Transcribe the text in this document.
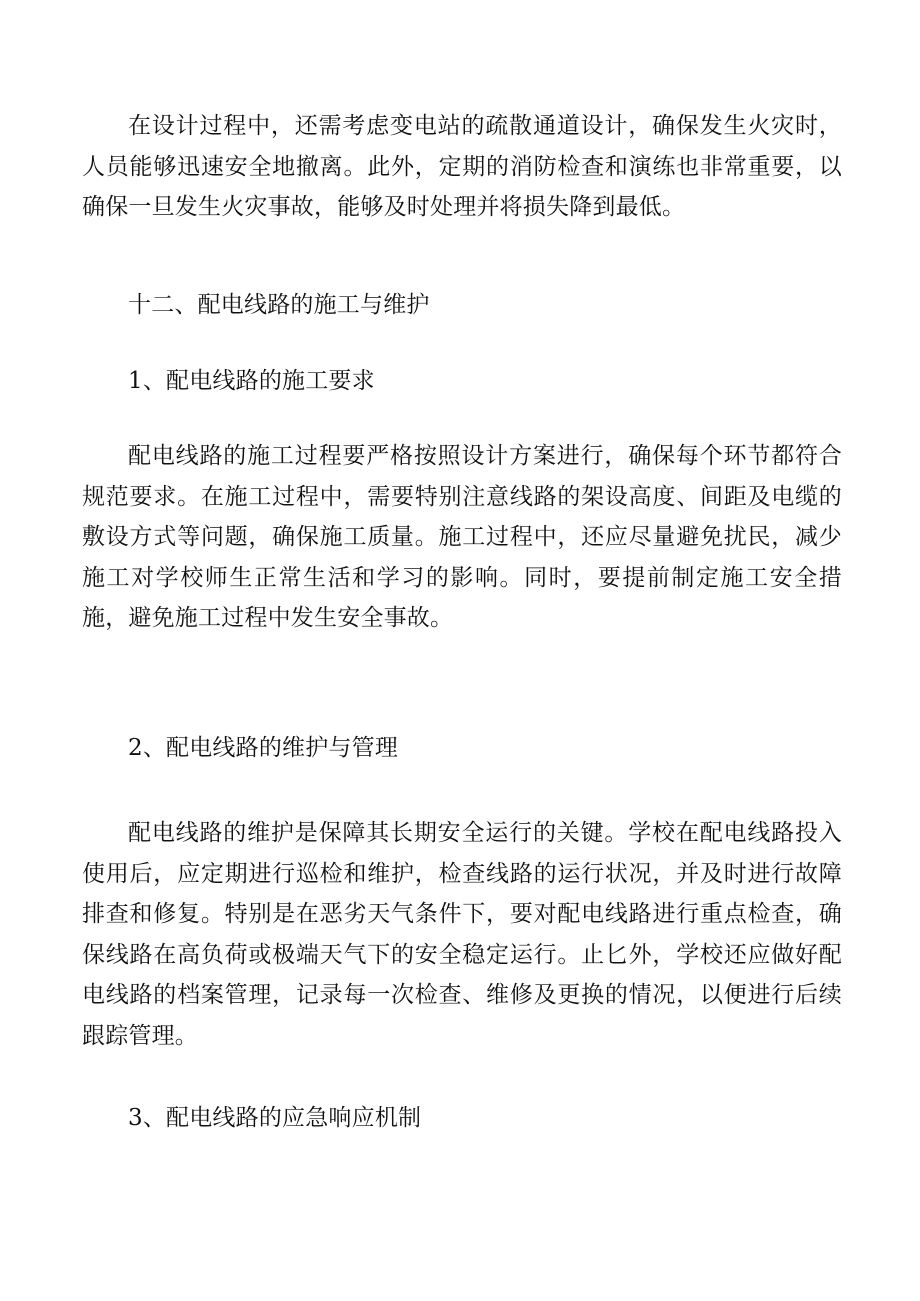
在设计过程中，还需考虑变电站的疏散通道设计，确保发生火灾时，人员能够迅速安全地撤离。此外，定期的消防检查和演练也非常重要，以确保一旦发生火灾事故，能够及时处理并将损失降到最低。

十二、配电线路的施工与维护

1、配电线路的施工要求

配电线路的施工过程要严格按照设计方案进行，确保每个环节都符合规范要求。在施工过程中，需要特别注意线路的架设高度、间距及电缆的敷设方式等问题，确保施工质量。施工过程中，还应尽量避免扰民，减少施工对学校师生正常生活和学习的影响。同时，要提前制定施工安全措施，避免施工过程中发生安全事故。

2、配电线路的维护与管理

配电线路的维护是保障其长期安全运行的关键。学校在配电线路投入使用后，应定期进行巡检和维护，检查线路的运行状况，并及时进行故障排查和修复。特别是在恶劣天气条件下，要对配电线路进行重点检查，确保线路在高负荷或极端天气下的安全稳定运行。止匕外，学校还应做好配电线路的档案管理，记录每一次检查、维修及更换的情况，以便进行后续跟踪管理。

3、配电线路的应急响应机制
